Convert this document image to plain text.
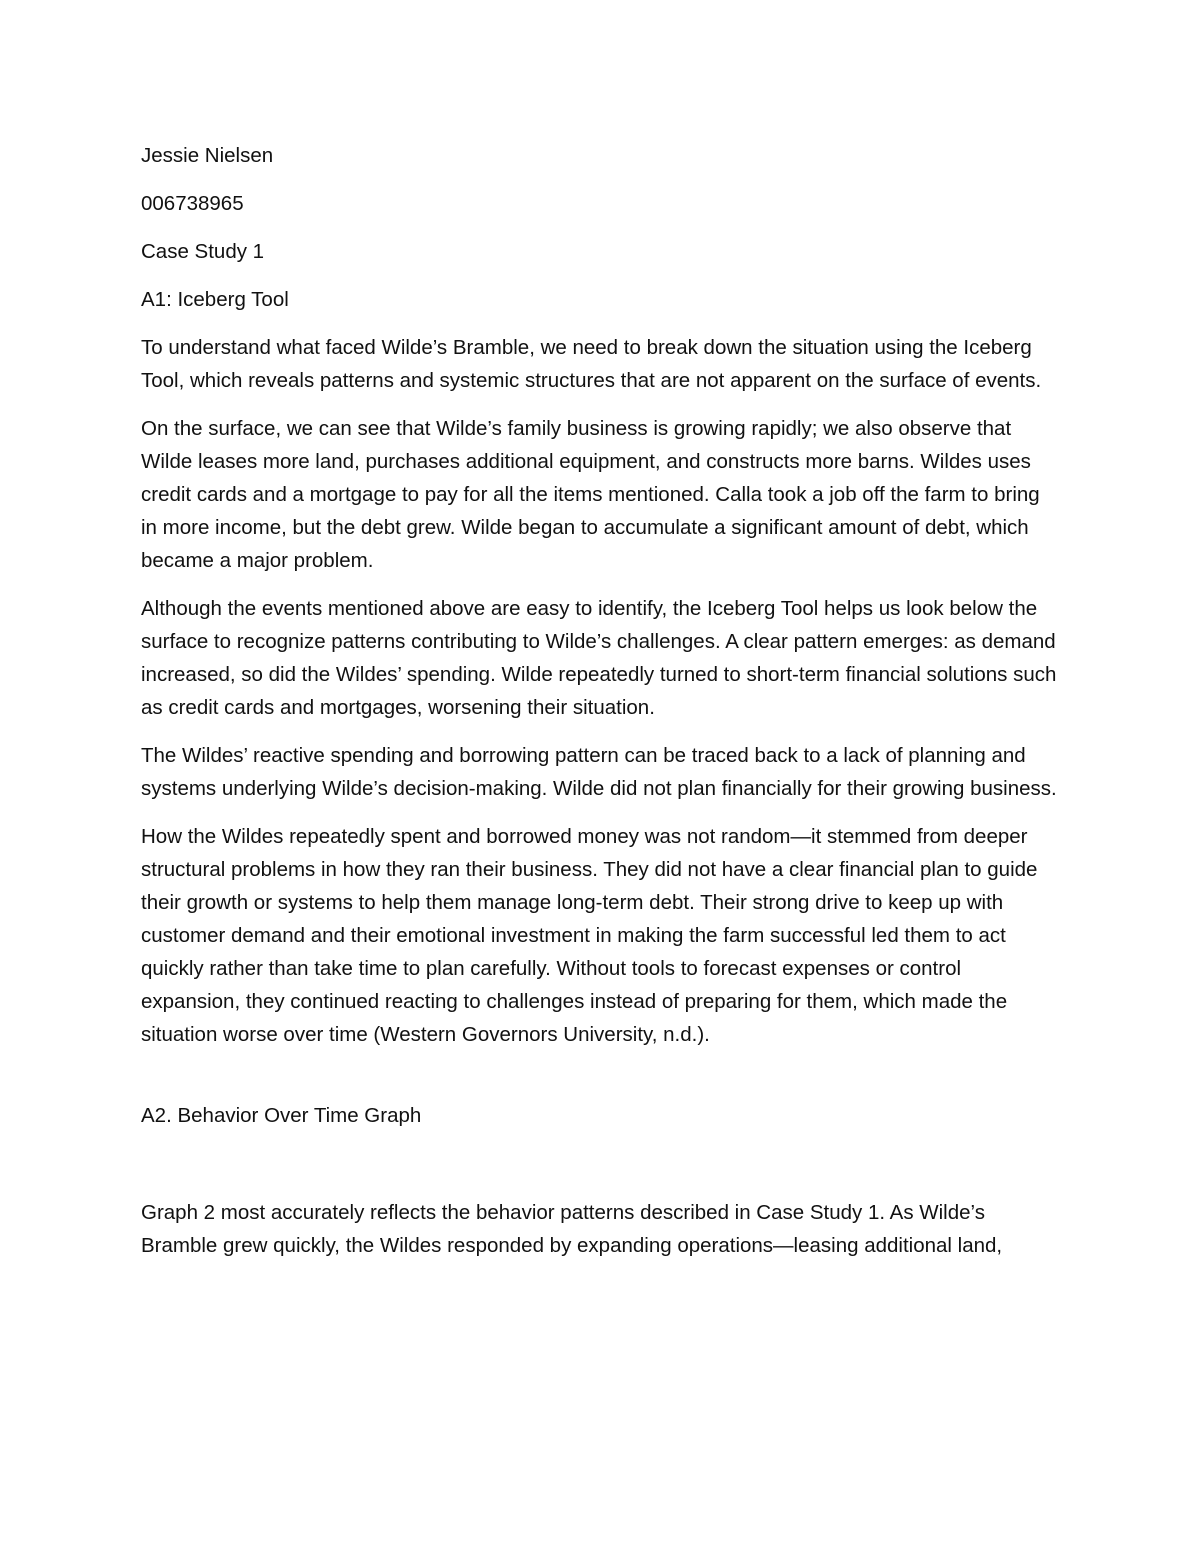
Jessie Nielsen
006738965
Case Study 1
A1: Iceberg Tool

To understand what faced Wilde’s Bramble, we need to break down the situation using the Iceberg Tool, which reveals patterns and systemic structures that are not apparent on the surface of events.

On the surface, we can see that Wilde’s family business is growing rapidly; we also observe that Wilde leases more land, purchases additional equipment, and constructs more barns. Wildes uses credit cards and a mortgage to pay for all the items mentioned. Calla took a job off the farm to bring in more income, but the debt grew. Wilde began to accumulate a significant amount of debt, which became a major problem.

Although the events mentioned above are easy to identify, the Iceberg Tool helps us look below the surface to recognize patterns contributing to Wilde’s challenges. A clear pattern emerges: as demand increased, so did the Wildes’ spending. Wilde repeatedly turned to short-term financial solutions such as credit cards and mortgages, worsening their situation.

The Wildes’ reactive spending and borrowing pattern can be traced back to a lack of planning and systems underlying Wilde’s decision-making. Wilde did not plan financially for their growing business.

How the Wildes repeatedly spent and borrowed money was not random—it stemmed from deeper structural problems in how they ran their business. They did not have a clear financial plan to guide their growth or systems to help them manage long-term debt. Their strong drive to keep up with customer demand and their emotional investment in making the farm successful led them to act quickly rather than take time to plan carefully. Without tools to forecast expenses or control expansion, they continued reacting to challenges instead of preparing for them, which made the situation worse over time (Western Governors University, n.d.).

A2. Behavior Over Time Graph

Graph 2 most accurately reflects the behavior patterns described in Case Study 1. As Wilde’s Bramble grew quickly, the Wildes responded by expanding operations—leasing additional land,
